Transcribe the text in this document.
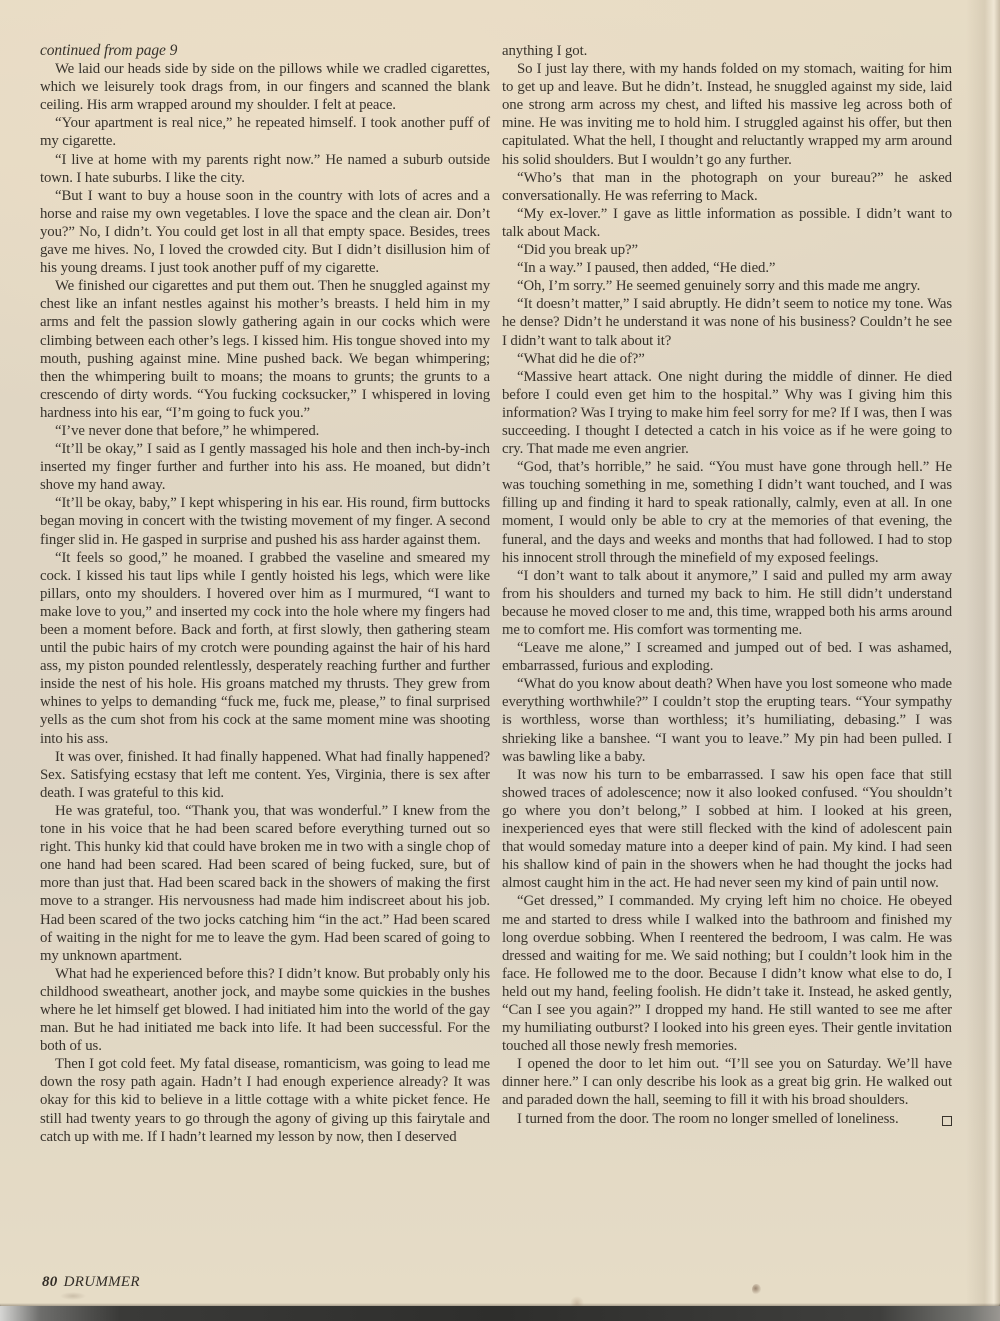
continued from page 9

We laid our heads side by side on the pillows while we cradled cigarettes, which we leisurely took drags from, in our fingers and scanned the blank ceiling. His arm wrapped around my shoulder. I felt at peace.

“Your apartment is real nice,” he repeated himself. I took another puff of my cigarette.

“I live at home with my parents right now.” He named a suburb outside town. I hate suburbs. I like the city.

“But I want to buy a house soon in the country with lots of acres and a horse and raise my own vegetables. I love the space and the clean air. Don’t you?” No, I didn’t. You could get lost in all that empty space. Besides, trees gave me hives. No, I loved the crowded city. But I didn’t disillusion him of his young dreams. I just took another puff of my cigarette.

We finished our cigarettes and put them out. Then he snuggled against my chest like an infant nestles against his mother’s breasts. I held him in my arms and felt the passion slowly gathering again in our cocks which were climbing between each other’s legs. I kissed him. His tongue shoved into my mouth, pushing against mine. Mine pushed back. We began whimpering; then the whimpering built to moans; the moans to grunts; the grunts to a crescendo of dirty words. “You fucking cocksucker,” I whispered in loving hardness into his ear, “I’m going to fuck you.”

“I’ve never done that before,” he whimpered.

“It’ll be okay,” I said as I gently massaged his hole and then inch-by-inch inserted my finger further and further into his ass. He moaned, but didn’t shove my hand away.

“It’ll be okay, baby,” I kept whispering in his ear. His round, firm buttocks began moving in concert with the twisting movement of my finger. A second finger slid in. He gasped in surprise and pushed his ass harder against them.

“It feels so good,” he moaned. I grabbed the vaseline and smeared my cock. I kissed his taut lips while I gently hoisted his legs, which were like pillars, onto my shoulders. I hovered over him as I murmured, “I want to make love to you,” and inserted my cock into the hole where my fingers had been a moment before. Back and forth, at first slowly, then gathering steam until the pubic hairs of my crotch were pounding against the hair of his hard ass, my piston pounded relentlessly, desperately reaching further and further inside the nest of his hole. His groans matched my thrusts. They grew from whines to yelps to demanding “fuck me, fuck me, please,” to final surprised yells as the cum shot from his cock at the same moment mine was shooting into his ass.

It was over, finished. It had finally happened. What had finally happened? Sex. Satisfying ecstasy that left me content. Yes, Virginia, there is sex after death. I was grateful to this kid.

He was grateful, too. “Thank you, that was wonderful.” I knew from the tone in his voice that he had been scared before everything turned out so right. This hunky kid that could have broken me in two with a single chop of one hand had been scared. Had been scared of being fucked, sure, but of more than just that. Had been scared back in the showers of making the first move to a stranger. His nervousness had made him indiscreet about his job. Had been scared of the two jocks catching him “in the act.” Had been scared of waiting in the night for me to leave the gym. Had been scared of going to my unknown apartment.

What had he experienced before this? I didn’t know. But probably only his childhood sweatheart, another jock, and maybe some quickies in the bushes where he let himself get blowed. I had initiated him into the world of the gay man. But he had initiated me back into life. It had been successful. For the both of us.

Then I got cold feet. My fatal disease, romanticism, was going to lead me down the rosy path again. Hadn’t I had enough experience already? It was okay for this kid to believe in a little cottage with a white picket fence. He still had twenty years to go through the agony of giving up this fairytale and catch up with me. If I hadn’t learned my lesson by now, then I deserved

anything I got.

So I just lay there, with my hands folded on my stomach, waiting for him to get up and leave. But he didn’t. Instead, he snuggled against my side, laid one strong arm across my chest, and lifted his massive leg across both of mine. He was inviting me to hold him. I struggled against his offer, but then capitulated. What the hell, I thought and reluctantly wrapped my arm around his solid shoulders. But I wouldn’t go any further.

“Who’s that man in the photograph on your bureau?” he asked conversationally. He was referring to Mack.

“My ex-lover.” I gave as little information as possible. I didn’t want to talk about Mack.

“Did you break up?”

“In a way.” I paused, then added, “He died.”

“Oh, I’m sorry.” He seemed genuinely sorry and this made me angry.

“It doesn’t matter,” I said abruptly. He didn’t seem to notice my tone. Was he dense? Didn’t he understand it was none of his business? Couldn’t he see I didn’t want to talk about it?

“What did he die of?”

“Massive heart attack. One night during the middle of dinner. He died before I could even get him to the hospital.” Why was I giving him this information? Was I trying to make him feel sorry for me? If I was, then I was succeeding. I thought I detected a catch in his voice as if he were going to cry. That made me even angrier.

“God, that’s horrible,” he said. “You must have gone through hell.” He was touching something in me, something I didn’t want touched, and I was filling up and finding it hard to speak rationally, calmly, even at all. In one moment, I would only be able to cry at the memories of that evening, the funeral, and the days and weeks and months that had followed. I had to stop his innocent stroll through the minefield of my exposed feelings.

“I don’t want to talk about it anymore,” I said and pulled my arm away from his shoulders and turned my back to him. He still didn’t understand because he moved closer to me and, this time, wrapped both his arms around me to comfort me. His comfort was tormenting me.

“Leave me alone,” I screamed and jumped out of bed. I was ashamed, embarrassed, furious and exploding.

“What do you know about death? When have you lost someone who made everything worthwhile?” I couldn’t stop the erupting tears. “Your sympathy is worthless, worse than worthless; it’s humiliating, debasing.” I was shrieking like a banshee. “I want you to leave.” My pin had been pulled. I was bawling like a baby.

It was now his turn to be embarrassed. I saw his open face that still showed traces of adolescence; now it also looked confused. “You shouldn’t go where you don’t belong,” I sobbed at him. I looked at his green, inexperienced eyes that were still flecked with the kind of adolescent pain that would someday mature into a deeper kind of pain. My kind. I had seen his shallow kind of pain in the showers when he had thought the jocks had almost caught him in the act. He had never seen my kind of pain until now.

“Get dressed,” I commanded. My crying left him no choice. He obeyed me and started to dress while I walked into the bathroom and finished my long overdue sobbing. When I reentered the bedroom, I was calm. He was dressed and waiting for me. We said nothing; but I couldn’t look him in the face. He followed me to the door. Because I didn’t know what else to do, I held out my hand, feeling foolish. He didn’t take it. Instead, he asked gently, “Can I see you again?” I dropped my hand. He still wanted to see me after my humiliating outburst? I looked into his green eyes. Their gentle invitation touched all those newly fresh memories.

I opened the door to let him out. “I’ll see you on Saturday. We’ll have dinner here.” I can only describe his look as a great big grin. He walked out and paraded down the hall, seeming to fill it with his broad shoulders.

I turned from the door. The room no longer smelled of loneliness.

80 DRUMMER
